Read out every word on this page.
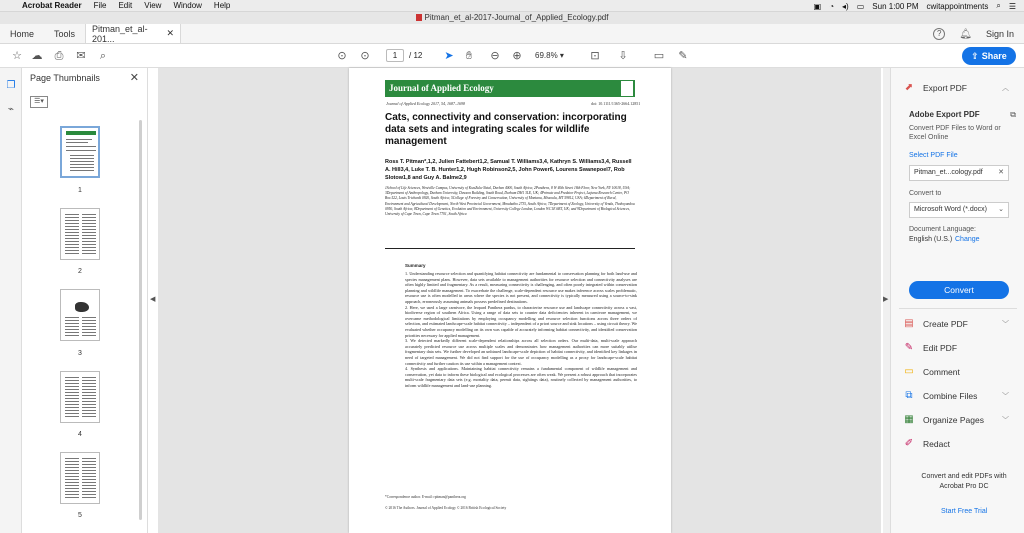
Acrobat Reader File Edit View Window Help	▣ ◔ ◂) ▭ Sun 1:00 PM cwitappointments ⌕ ☰
Pitman_et_al-2017-Journal_of_Applied_Ecology.pdf
Home	Tools	Pitman_et_al-201...
✕	?	🔔︎ Sign In
☆ ☁ ⎙ ✉	⌕	⊙ ⊙	1	/ 12 ➤	✋︎	⊖ ⊕ 69.8% ▾ ⊡ ⇩ ▭ ✎	⇪ Share
❐
⌁
Page Thumbnails	✕
☰▾
1
2
3
4
5
◀
Journal of Applied Ecology
Journal of Applied Ecology 2017, 54, 1687–1698	doi: 10.1111/1365-2664.12851
Cats, connectivity and conservation: incorporating data sets and integrating scales for wildlife management
Ross T. Pitman*,1,2, Julien Fattebert1,2, Samual T. Williams3,4, Kathryn S. Williams3,4, Russell A. Hill3,4, Luke T. B. Hunter1,2, Hugh Robinson2,5, John Power6, Lourens Swanepoel7, Rob Slotow1,8 and Guy A. Balme2,9
1School of Life Sciences, Westville Campus, University of KwaZulu-Natal, Durban 4000, South Africa; 2Panthera, 8 W 40th Street 18th Floor, New York, NY 10018, USA; 3Department of Anthropology, Durham University, Dawson Building, South Road, Durham DH1 3LE, UK; 4Primate and Predator Project, Lajuma Research Centre, PO Box 522, Louis Trichardt 0920, South Africa; 5College of Forestry and Conservation, University of Montana, Missoula, MT 59812, USA; 6Department of Rural, Environment and Agricultural Development, North West Provincial Government, Mmabatho 2735, South Africa; 7Department of Zoology, University of Venda, Thohoyandou 0950, South Africa; 8Department of Genetics, Evolution and Environment, University College London, London WC1E 6BT, UK; and 9Department of Biological Sciences, University of Cape Town, Cape Town 7701, South Africa
Summary

1. Understanding resource selection and quantifying habitat connectivity are fundamental to conservation planning for both land-use and species management plans. However, data sets available to management authorities for resource selection and connectivity analyses are often highly limited and fragmentary. As a result, measuring connectivity is challenging, and often poorly integrated within conservation planning and wildlife management. To exacerbate the challenge, scale-dependent resource use makes inference across scales problematic, resource use is often modelled in areas where the species is not present, and connectivity is typically measured using a source-to-sink approach, erroneously assuming animals possess predefined destinations.

2. Here, we used a large carnivore, the leopard Panthera pardus, to characterise resource use and landscape connectivity across a vast, biodiverse region of southern Africa. Using a range of data sets to counter data deficiencies inherent in carnivore management, we overcame methodological limitations by employing occupancy modelling and resource selection functions across three orders of selection, and estimated landscape-scale habitat connectivity – independent of a priori source and sink locations – using circuit theory. We evaluated whether occupancy modelling on its own was capable of accurately informing habitat connectivity, and identified conservation priorities necessary for applied management.

3. We detected markedly different scale-dependent relationships across all selection orders. Our multi-data, multi-scale approach accurately predicted resource use across multiple scales and demonstrates how management authorities can more suitably utilise fragmentary data sets. We further developed an unbiased landscape-scale depiction of habitat connectivity, and identified key linkages in need of targeted management. We did not find support for the use of occupancy modelling as a proxy for landscape-scale habitat connectivity and further caution its use within a management context.

4. Synthesis and applications. Maintaining habitat connectivity remains a fundamental component of wildlife management and conservation, yet data to inform these biological and ecological processes are often weak. We present a robust approach that incorporates multi-scale fragmentary data sets (e.g. mortality data, permit data, sightings data), routinely collected by management authorities, to inform wildlife management and land-use planning.

*Correspondence author. E-mail: rpitman@panthera.org
© 2016 The Authors. Journal of Applied Ecology © 2016 British Ecological Society
▶
⬈ Export PDF	︿
Adobe Export PDF	⧉
Convert PDF Files to Word or Excel Online
Select PDF File
Pitman_et...cology.pdf ✕
Convert to
Microsoft Word (*.docx) ⌄
Document Language:
English (U.S.) Change
Convert
▤ Create PDF	﹀
✎ Edit PDF
▭ Comment
⧉ Combine Files	﹀
▦ Organize Pages	﹀
✐ Redact
Convert and edit PDFs with Acrobat Pro DC
Start Free Trial
